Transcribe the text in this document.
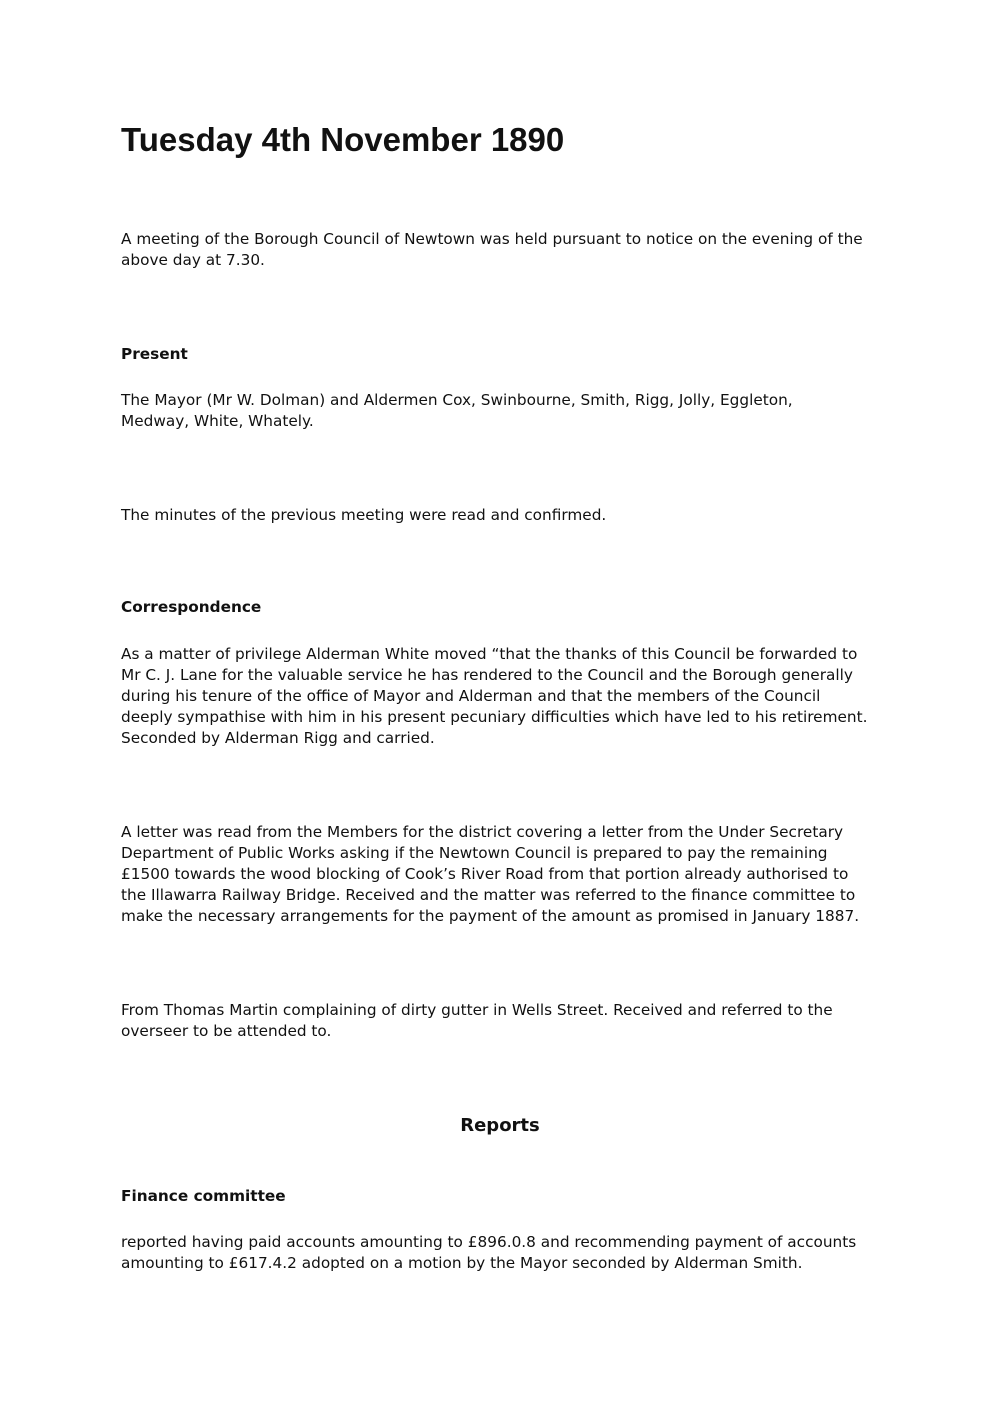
Tuesday 4th November 1890

A meeting of the Borough Council of Newtown was held pursuant to notice on the evening of the
above day at 7.30.

Present

The Mayor (Mr W. Dolman) and Aldermen Cox, Swinbourne, Smith, Rigg, Jolly, Eggleton,
Medway, White, Whately.

The minutes of the previous meeting were read and confirmed.

Correspondence

As a matter of privilege Alderman White moved “that the thanks of this Council be forwarded to
Mr C. J. Lane for the valuable service he has rendered to the Council and the Borough generally
during his tenure of the office of Mayor and Alderman and that the members of the Council
deeply sympathise with him in his present pecuniary difficulties which have led to his retirement.
Seconded by Alderman Rigg and carried.

A letter was read from the Members for the district covering a letter from the Under Secretary
Department of Public Works asking if the Newtown Council is prepared to pay the remaining
£1500 towards the wood blocking of Cook’s River Road from that portion already authorised to
the Illawarra Railway Bridge. Received and the matter was referred to the finance committee to
make the necessary arrangements for the payment of the amount as promised in January 1887.

From Thomas Martin complaining of dirty gutter in Wells Street. Received and referred to the
overseer to be attended to.

Reports
Finance committee

reported having paid accounts amounting to £896.0.8 and recommending payment of accounts
amounting to £617.4.2 adopted on a motion by the Mayor seconded by Alderman Smith.
